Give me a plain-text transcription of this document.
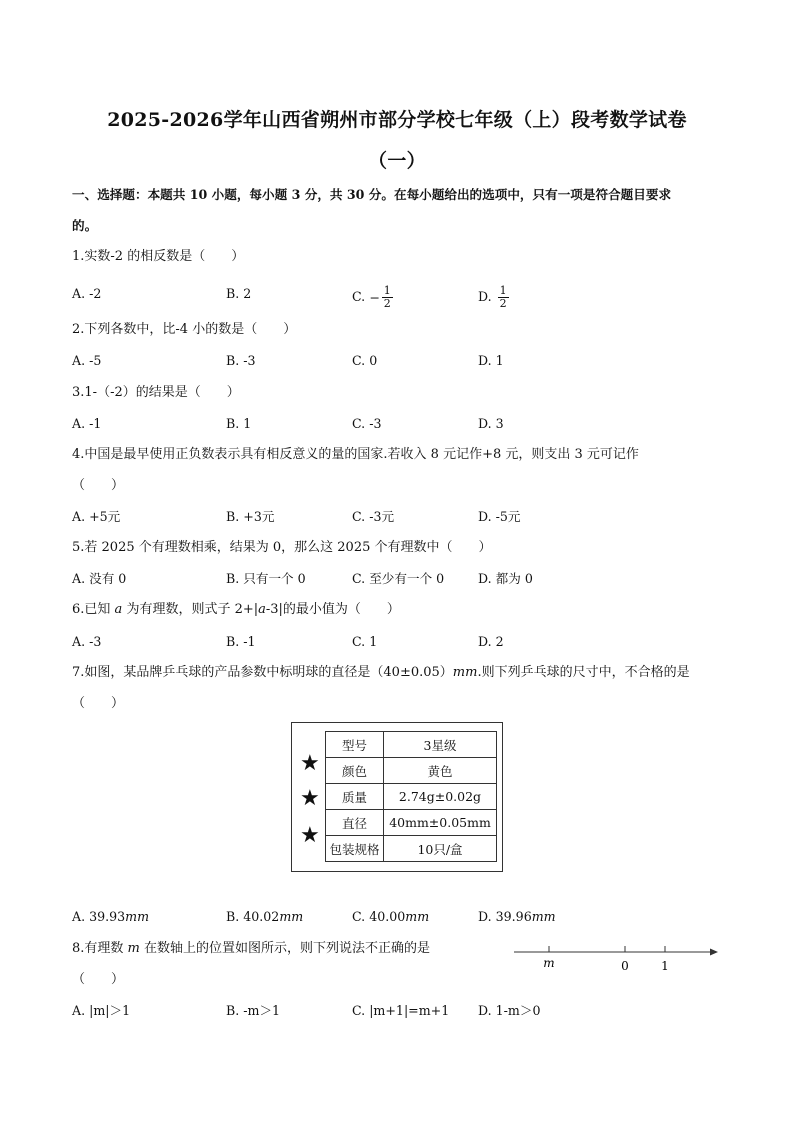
2025-2026学年山西省朔州市部分学校七年级（上）段考数学试卷
（一）
一、选择题：本题共 10 小题，每小题 3 分，共 30 分。在每小题给出的选项中，只有一项是符合题目要求
的。
1.实数-2 的相反数是（　　）
A. -2	B. 2	C. − $\frac{1}{2}$	D. $\frac{1}{2}$
2.下列各数中，比-4 小的数是（　　）
A. -5	B. -3	C. 0	D. 1
3.1-（-2）的结果是（　　）
A. -1	B. 1	C. -3	D. 3
4.中国是最早使用正负数表示具有相反意义的量的国家.若收入 8 元记作+8 元，则支出 3 元可记作
（　　）
A. +5元	B. +3元	C. -3元	D. -5元
5.若 2025 个有理数相乘，结果为 0，那么这 2025 个有理数中（　　）
A. 没有 0	B. 只有一个 0	C. 至少有一个 0	D. 都为 0
6.已知 a 为有理数，则式子 2+|a-3|的最小值为（　　）
A. -3	B. -1	C. 1	D. 2
7.如图，某品牌乒乓球的产品参数中标明球的直径是（40±0.05）mm.则下列乒乓球的尺寸中，不合格的是
（　　）
★
★
★
型号	3星级
颜色	黄色
质量	2.74g±0.02g
直径	40mm±0.05mm
包装规格	10只/盒
A. 39.93mm	B. 40.02mm	C. 40.00mm	D. 39.96mm
8.有理数 m 在数轴上的位置如图所示，则下列说法不正确的是
（　　）
m	0	1
A. |m|＞1	B. -m＞1	C. |m+1|=m+1 D. 1-m＞0
